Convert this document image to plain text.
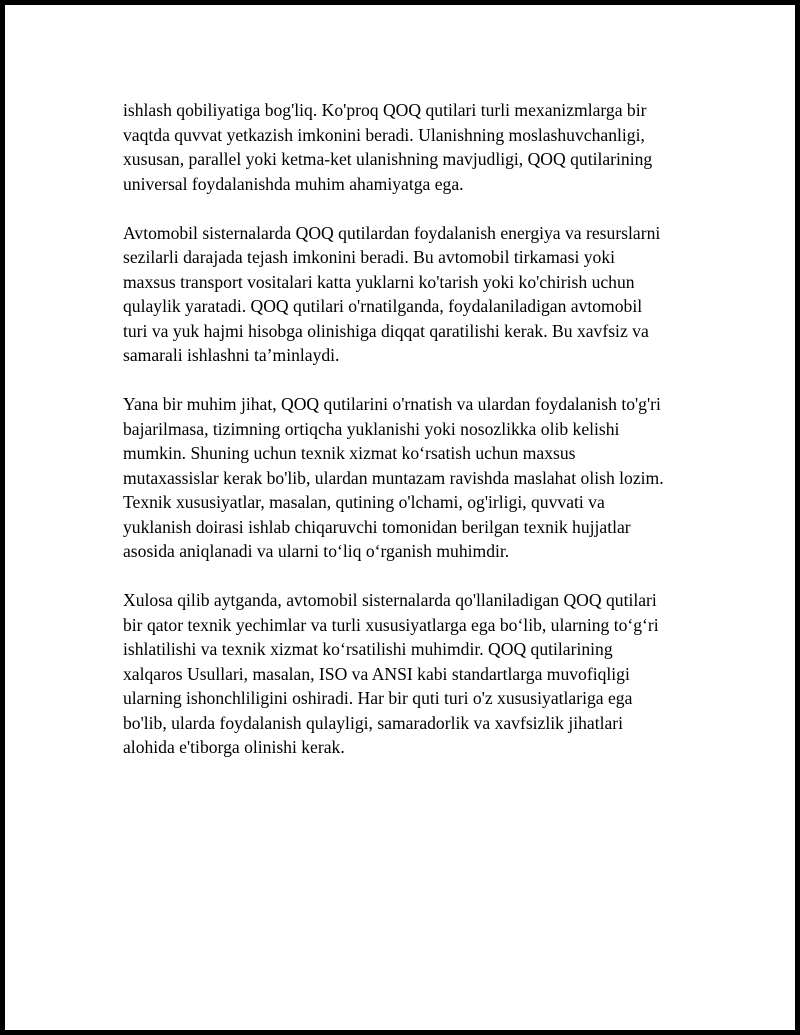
ishlash qobiliyatiga bog'liq. Ko'proq QOQ qutilari turli mexanizmlarga bir
vaqtda quvvat yetkazish imkonini beradi. Ulanishning moslashuvchanligi,
xususan, parallel yoki ketma-ket ulanishning mavjudligi, QOQ qutilarining
universal foydalanishda muhim ahamiyatga ega.
Avtomobil sisternalarda QOQ qutilardan foydalanish energiya va resurslarni
sezilarli darajada tejash imkonini beradi. Bu avtomobil tirkamasi yoki
maxsus transport vositalari katta yuklarni ko'tarish yoki ko'chirish uchun
qulaylik yaratadi. QOQ qutilari o'rnatilganda, foydalaniladigan avtomobil
turi va yuk hajmi hisobga olinishiga diqqat qaratilishi kerak. Bu xavfsiz va
samarali ishlashni ta’minlaydi.
Yana bir muhim jihat, QOQ qutilarini o'rnatish va ulardan foydalanish to'g'ri
bajarilmasa, tizimning ortiqcha yuklanishi yoki nosozlikka olib kelishi
mumkin. Shuning uchun texnik xizmat ko‘rsatish uchun maxsus
mutaxassislar kerak bo'lib, ulardan muntazam ravishda maslahat olish lozim.
Texnik xususiyatlar, masalan, qutining o'lchami, og'irligi, quvvati va
yuklanish doirasi ishlab chiqaruvchi tomonidan berilgan texnik hujjatlar
asosida aniqlanadi va ularni to‘liq o‘rganish muhimdir.
Xulosa qilib aytganda, avtomobil sisternalarda qo'llaniladigan QOQ qutilari
bir qator texnik yechimlar va turli xususiyatlarga ega bo‘lib, ularning to‘g‘ri
ishlatilishi va texnik xizmat ko‘rsatilishi muhimdir. QOQ qutilarining
xalqaros Usullari, masalan, ISO va ANSI kabi standartlarga muvofiqligi
ularning ishonchliligini oshiradi. Har bir quti turi o'z xususiyatlariga ega
bo'lib, ularda foydalanish qulayligi, samaradorlik va xavfsizlik jihatlari
alohida e'tiborga olinishi kerak.
